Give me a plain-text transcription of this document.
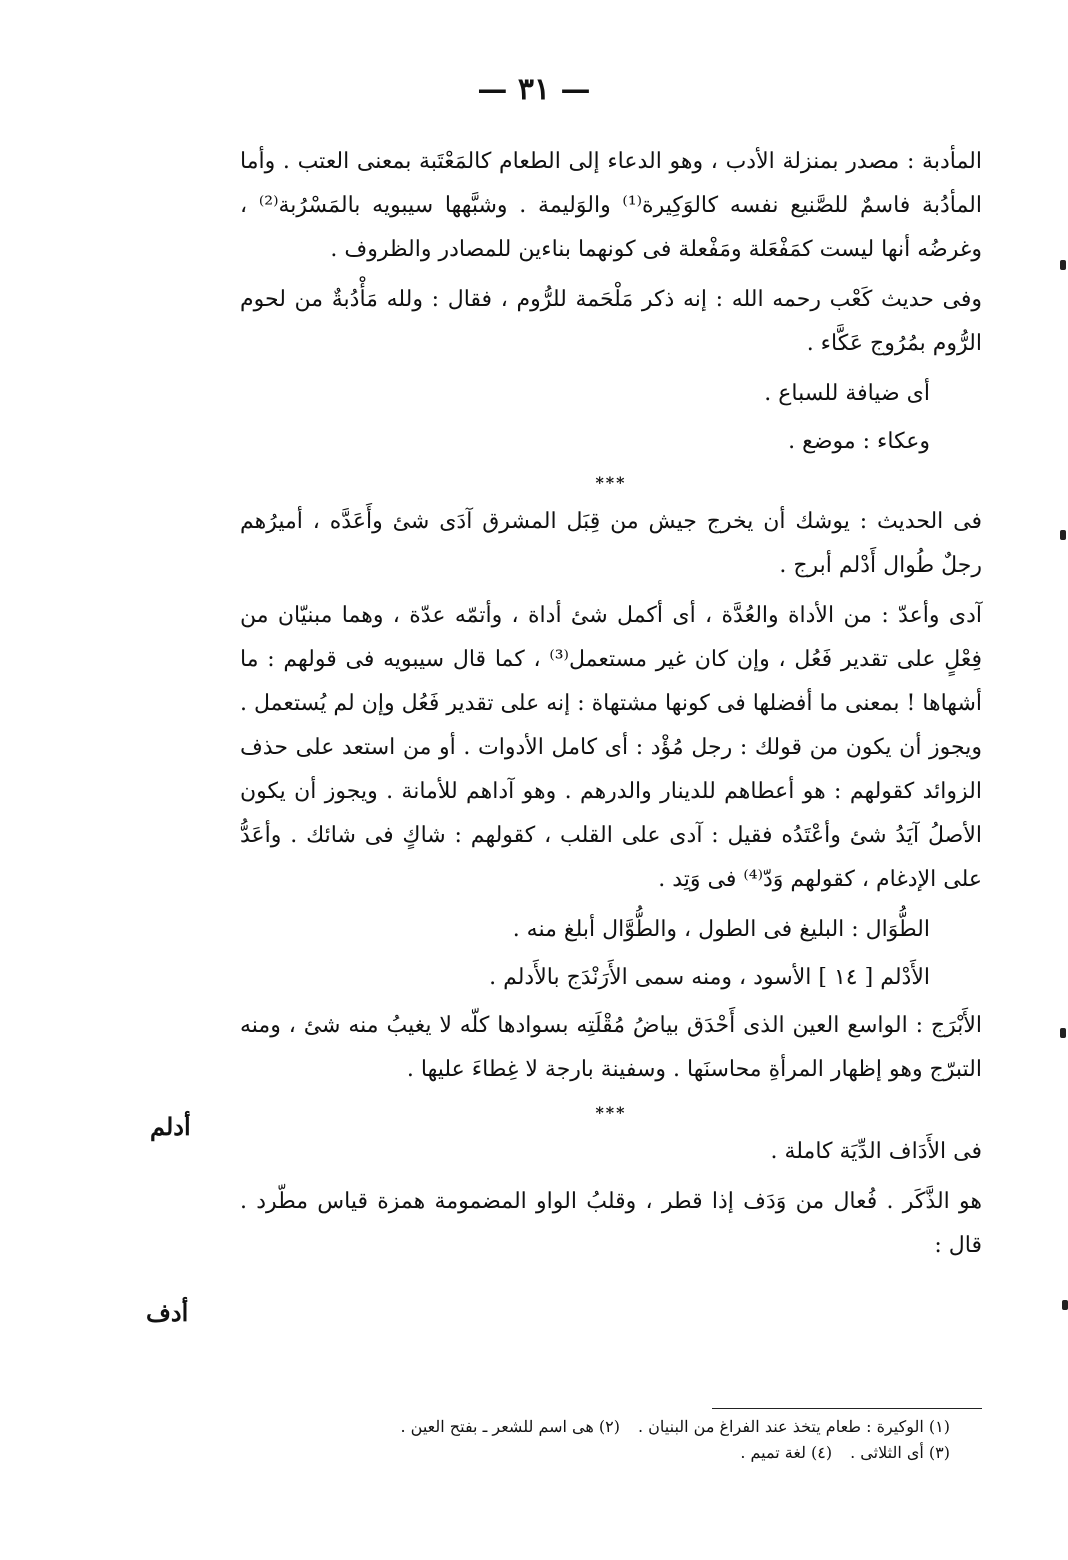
— ٣١ —

المأدبة : مصدر بمنزلة الأدب ، وهو الدعاء إلى الطعام كالمَعْتَبة بمعنى العتب . وأما المأدُبة فاسمٌ للصَّنيع نفسه كالوَكِيرة⁽¹⁾ والوَليمة . وشبَّهها سيبويه بالمَسْرُبة⁽²⁾ ، وغرضُه أنها ليست كمَفْعَلة ومَفْعلة فى كونهما بناءين للمصادر والظروف .

وفى حديث كَعْب رحمه الله : إنه ذكر مَلْحَمة للرُّوم ، فقال : ولله مَأْدُبةٌ من لحوم الرُّوم بمُرُوج عَكَّاء .

أى ضيافة للسباع .

وعكاء : موضع .

***

فى الحديث : يوشك أن يخرج جيش من قِبَل المشرق آدَى شئ وأَعَدَّه ، أميرُهم رجلٌ طُوال أَدْلم أبرج .

آدى وأعدّ : من الأداة والعُدَّة ، أى أكمل شئ أداة ، وأتمّه عدّة ، وهما مبنيّان من فِعْلٍ على تقدير فَعُل ، وإن كان غير مستعمل⁽³⁾ ، كما قال سيبويه فى قولهم : ما أشهاها ! بمعنى ما أفضلها فى كونها مشتهاة : إنه على تقدير فَعُل وإن لم يُستعمل . ويجوز أن يكون من قولك : رجل مُؤْد : أى كامل الأدوات . أو من استعد على حذف الزوائد كقولهم : هو أعطاهم للدينار والدرهم . وهو آداهم للأمانة . ويجوز أن يكون الأصلُ آيَدُ شئ وأعْتَدُه فقيل : آدى على القلب ، كقولهم : شاكٍ فى شائك . وأعَدُّ على الإدغام ، كقولهم وَدّ⁽⁴⁾ فى وَتِد .

الطُّوَال : البليغ فى الطول ، والطُّوَّال أبلغ منه .

الأَدْلم [ ١٤ ] الأسود ، ومنه سمى الأَرَنْدَج بالأَدلم .

الأَبْرَج : الواسع العين الذى أَحْدَق بياضُ مُقْلَتِه بسوادها كلّه لا يغيبُ منه شئ ، ومنه التبرّج وهو إظهار المرأةِ محاسنَها . وسفينة بارجة لا غِطاءَ عليها .

***

فى الأَدَاف الدِّيَة كاملة .

هو الذَّكَر . فُعال من وَدَف إذا قطر ، وقلبُ الواو المضمومة همزة قياس مطّرد . قال :

أدلم
أدف

(١) الوكيرة : طعام يتخذ عند الفراغ من البنيان .(٢) هى اسم للشعر ـ بفتح العين .

(٣) أى الثلاثى .(٤) لغة تميم .
